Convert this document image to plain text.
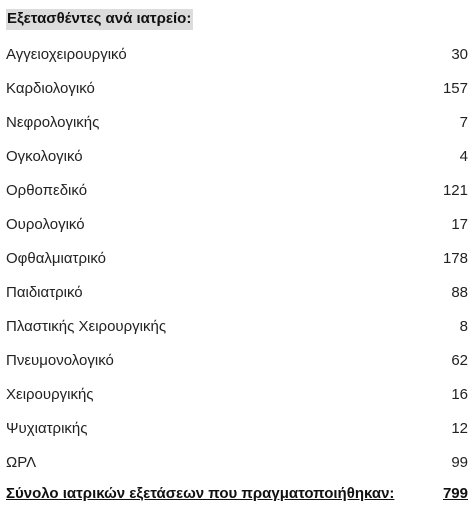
Εξετασθέντες ανά ιατρείο:
Αγγειοχειρουργικό	30
Καρδιολογικό	157
Νεφρολογικής	7
Ογκολογικό	4
Ορθοπεδικό	121
Ουρολογικό	17
Οφθαλμιατρικό	178
Παιδιατρικό	88
Πλαστικής Χειρουργικής	8
Πνευμονολογικό	62
Χειρουργικής	16
Ψυχιατρικής	12
ΩΡΛ	99
Σύνολο ιατρικών εξετάσεων που πραγματοποιήθηκαν:	799
